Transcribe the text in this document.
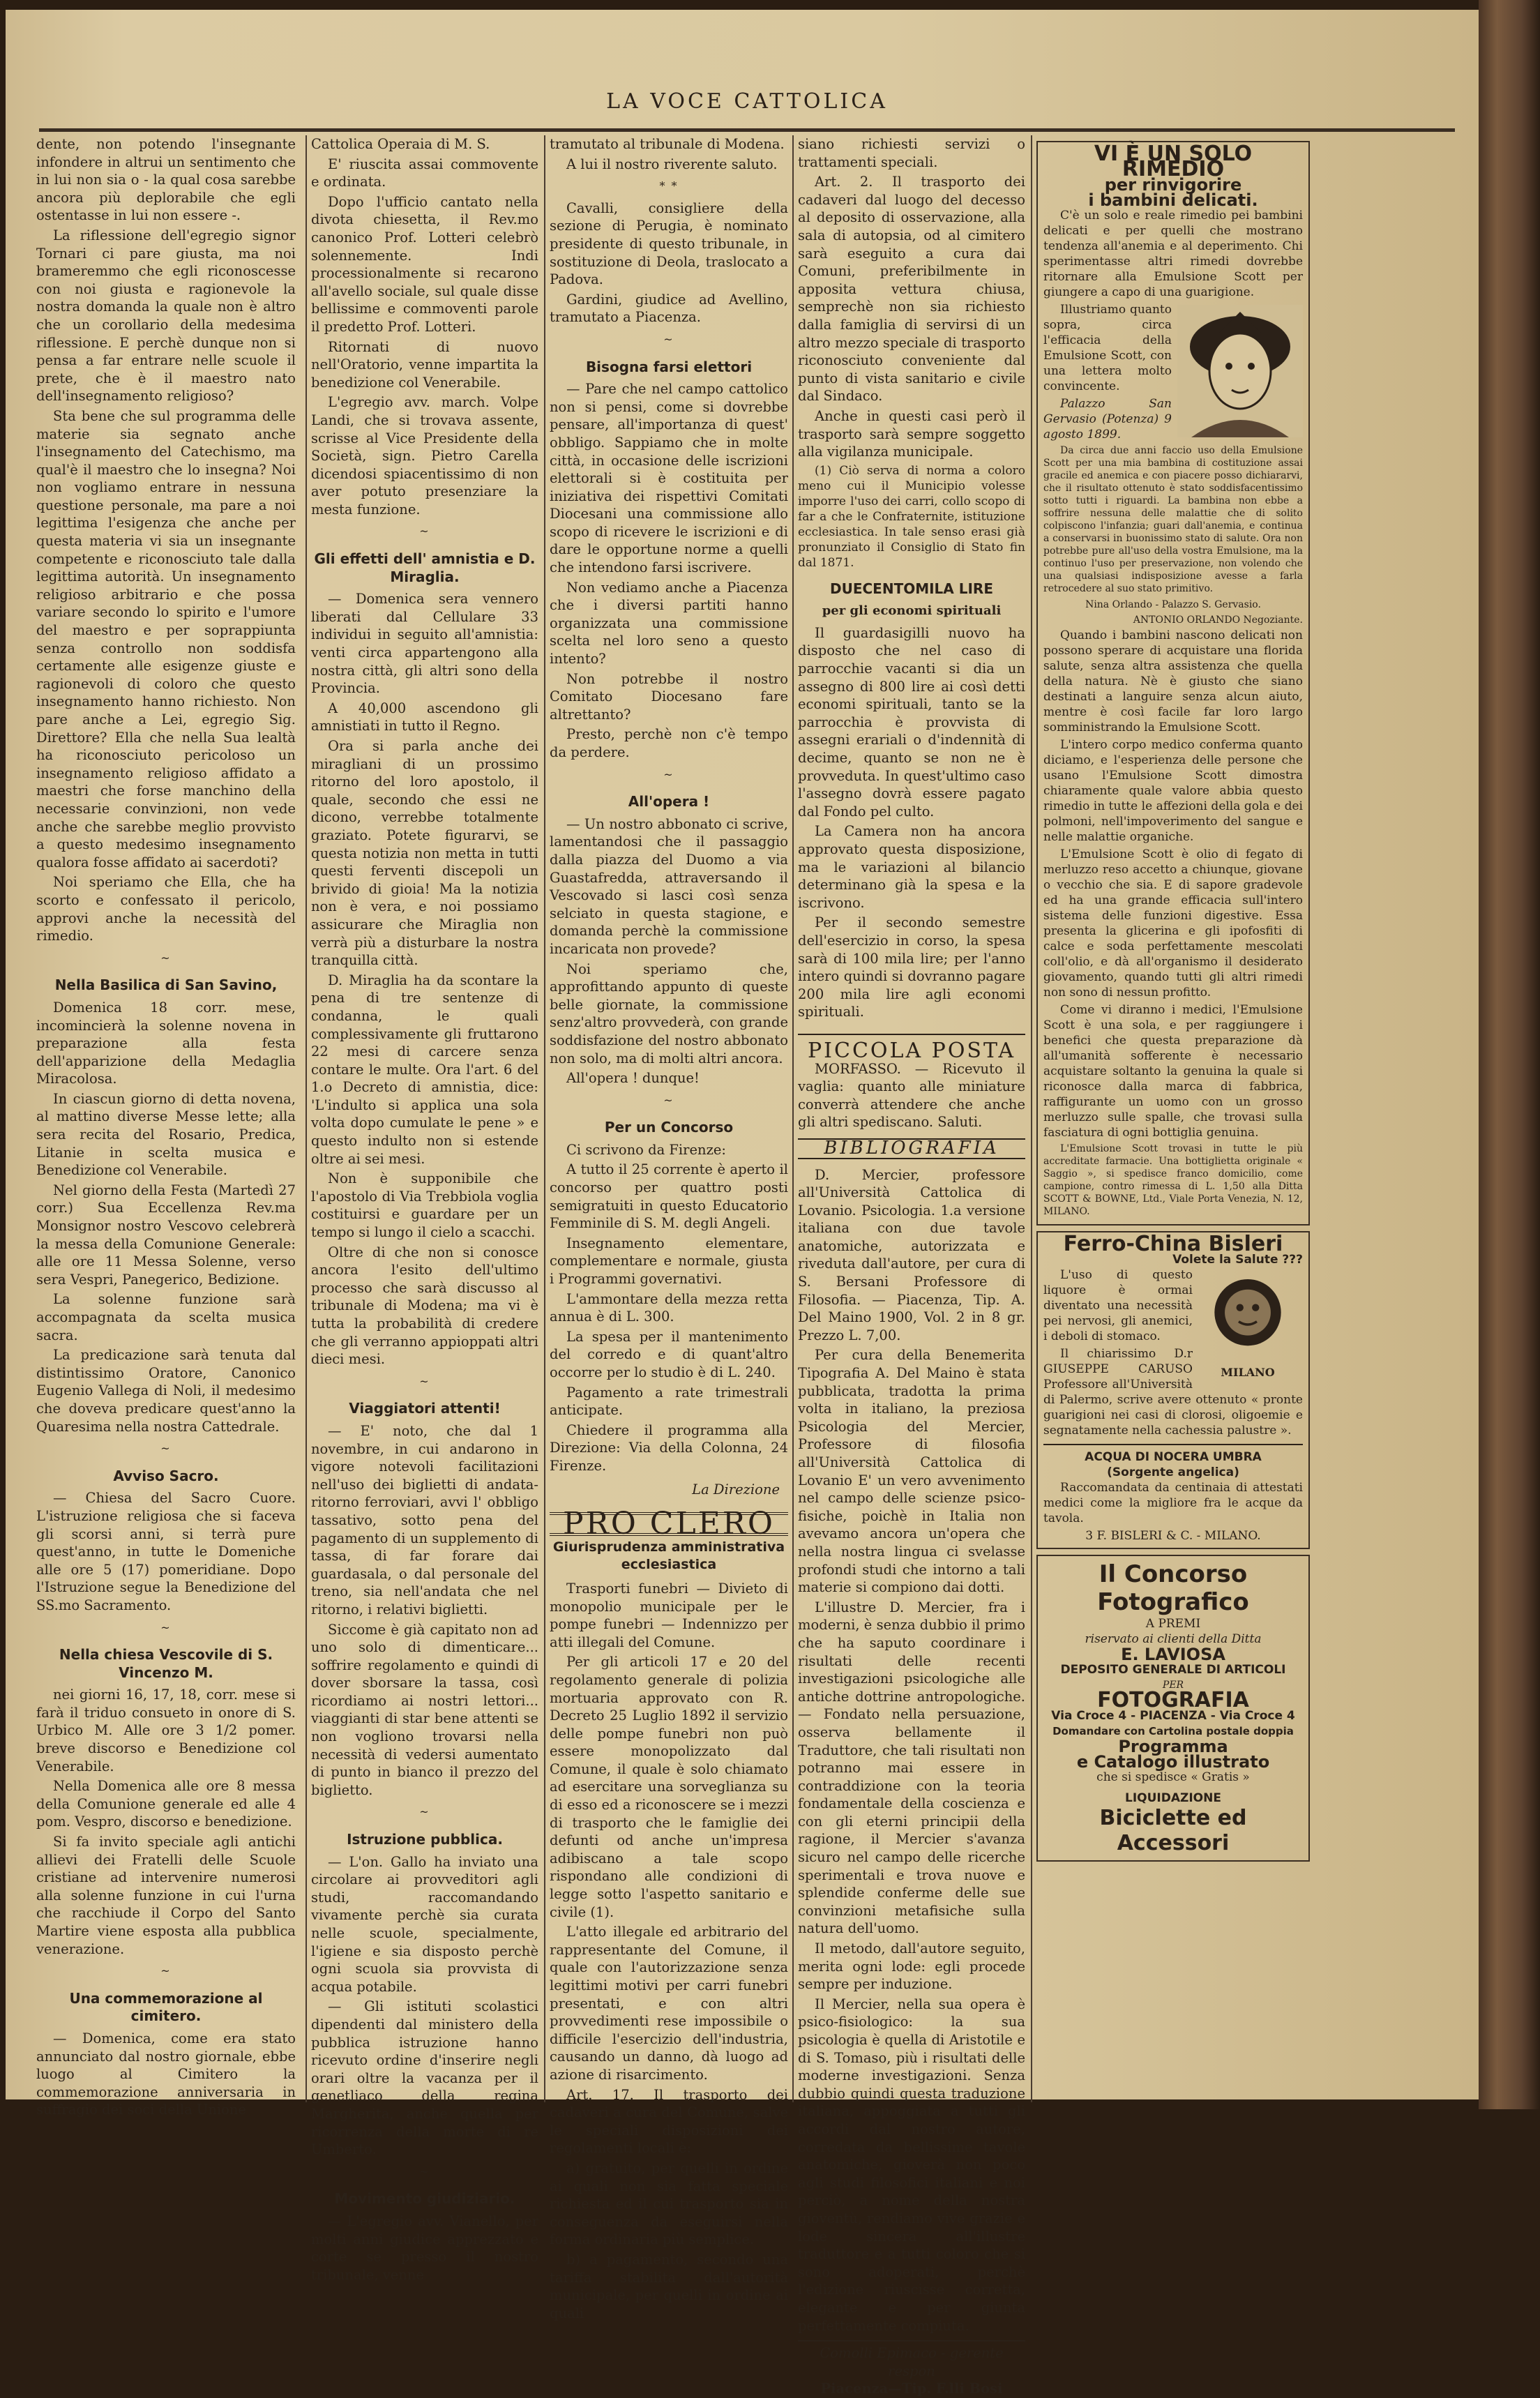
LA VOCE CATTOLICA

dente, non potendo l'insegnante infondere in altrui un sentimento che in lui non sia o - la qual cosa sarebbe ancora più deplorabile che egli ostentasse in lui non essere -.

La riflessione dell'egregio signor Tornari ci pare giusta, ma noi brameremmo che egli riconoscesse con noi giusta e ragionevole la nostra domanda la quale non è altro che un corollario della medesima riflessione. E perchè dunque non si pensa a far entrare nelle scuole il prete, che è il maestro nato dell'insegnamento religioso?

Sta bene che sul programma delle materie sia segnato anche l'insegnamento del Catechismo, ma qual'è il maestro che lo insegna? Noi non vogliamo entrare in nessuna questione personale, ma pare a noi legittima l'esigenza che anche per questa materia vi sia un insegnante competente e riconosciuto tale dalla legittima autorità. Un insegnamento religioso arbitrario e che possa variare secondo lo spirito e l'umore del maestro e per soprappiunta senza controllo non soddisfa certamente alle esigenze giuste e ragionevoli di coloro che questo insegnamento hanno richiesto. Non pare anche a Lei, egregio Sig. Direttore? Ella che nella Sua lealtà ha riconosciuto pericoloso un insegnamento religioso affidato a maestri che forse manchino della necessarie convinzioni, non vede anche che sarebbe meglio provvisto a questo medesimo insegnamento qualora fosse affidato ai sacerdoti?

Noi speriamo che Ella, che ha scorto e confessato il pericolo, approvi anche la necessità del rimedio.

~
Nella Basilica di San Savino,

Domenica 18 corr. mese, incomincierà la solenne novena in preparazione alla festa dell'apparizione della Medaglia Miracolosa.

In ciascun giorno di detta novena, al mattino diverse Messe lette; alla sera recita del Rosario, Predica, Litanie in scelta musica e Benedizione col Venerabile.

Nel giorno della Festa (Martedì 27 corr.) Sua Eccellenza Rev.ma Monsignor nostro Vescovo celebrerà la messa della Comunione Generale: alle ore 11 Messa Solenne, verso sera Vespri, Panegerico, Bedizione.

La solenne funzione sarà accompagnata da scelta musica sacra.

La predicazione sarà tenuta dal distintissimo Oratore, Canonico Eugenio Vallega di Noli, il medesimo che doveva predicare quest'anno la Quaresima nella nostra Cattedrale.

~
Avviso Sacro.

— Chiesa del Sacro Cuore. L'istruzione religiosa che si faceva gli scorsi anni, si terrà pure quest'anno, in tutte le Domeniche alle ore 5 (17) pomeridiane. Dopo l'Istruzione segue la Benedizione del SS.mo Sacramento.

~
Nella chiesa Vescovile di S. Vincenzo M.

nei giorni 16, 17, 18, corr. mese si farà il triduo consueto in onore di S. Urbico M. Alle ore 3 1/2 pomer. breve discorso e Benedizione col Venerabile.

Nella Domenica alle ore 8 messa della Comunione generale ed alle 4 pom. Vespro, discorso e benedizione.

Si fa invito speciale agli antichi allievi dei Fratelli delle Scuole cristiane ad intervenire numerosi alla solenne funzione in cui l'urna che racchiude il Corpo del Santo Martire viene esposta alla pubblica venerazione.

~
Una commemorazione al cimitero.

— Domenica, come era stato annunciato dal nostro giornale, ebbe luogo al Cimitero la commemorazione anniversaria in suffragio dei soci della Unione

Cattolica Operaia di M. S.

E' riuscita assai commovente e ordinata.

Dopo l'ufficio cantato nella divota chiesetta, il Rev.mo canonico Prof. Lotteri celebrò solennemente. Indi processionalmente si recarono all'avello sociale, sul quale disse bellissime e commoventi parole il predetto Prof. Lotteri.

Ritornati di nuovo nell'Oratorio, venne impartita la benedizione col Venerabile.

L'egregio avv. march. Volpe Landi, che si trovava assente, scrisse al Vice Presidente della Società, sign. Pietro Carella dicendosi spiacentissimo di non aver potuto presenziare la mesta funzione.

~
Gli effetti dell' amnistia e D. Miraglia.

— Domenica sera vennero liberati dal Cellulare 33 individui in seguito all'amnistia: venti circa appartengono alla nostra città, gli altri sono della Provincia.

A 40,000 ascendono gli amnistiati in tutto il Regno.

Ora si parla anche dei miragliani di un prossimo ritorno del loro apostolo, il quale, secondo che essi ne dicono, verrebbe totalmente graziato. Potete figurarvi, se questa notizia non metta in tutti questi ferventi discepoli un brivido di gioia! Ma la notizia non è vera, e noi possiamo assicurare che Miraglia non verrà più a disturbare la nostra tranquilla città.

D. Miraglia ha da scontare la pena di tre sentenze di condanna, le quali complessivamente gli fruttarono 22 mesi di carcere senza contare le multe. Ora l'art. 6 del 1.o Decreto di amnistia, dice: 'L'indulto si applica una sola volta dopo cumulate le pene » e questo indulto non si estende oltre ai sei mesi.

Non è supponibile che l'apostolo di Via Trebbiola voglia costituirsi e guardare per un tempo si lungo il cielo a scacchi.

Oltre di che non si conosce ancora l'esito dell'ultimo processo che sarà discusso al tribunale di Modena; ma vi è tutta la probabilità di credere che gli verranno appioppati altri dieci mesi.

~
Viaggiatori attenti!

— E' noto, che dal 1 novembre, in cui andarono in vigore notevoli facilitazioni nell'uso dei biglietti di andata-ritorno ferroviari, avvi l' obbligo tassativo, sotto pena del pagamento di un supplemento di tassa, di far forare dai guardasala, o dal personale del treno, sia nell'andata che nel ritorno, i relativi biglietti.

Siccome è già capitato non ad uno solo di dimenticare... soffrire regolamento e quindi di dover sborsare la tassa, così ricordiamo ai nostri lettori... viaggianti di star bene attenti se non vogliono trovarsi nella necessità di vedersi aumentato di punto in bianco il prezzo del biglietto.

~
Istruzione pubblica.

— L'on. Gallo ha inviato una circolare ai provveditori agli studi, raccomandando vivamente perchè sia curata nelle scuole, specialmente, l'igiene e sia disposto perchè ogni scuola sia provvista di acqua potabile.

— Gli istituti scolastici dipendenti dal ministero della pubblica istruzione hanno ricevuto ordine d'inserire negli orari oltre la vacanza per il genetliaco della regina Margherita, anche quella per ricorrenza della morte di re Umberto.

~
Movimento giudiziario.

— L'egregio avv. Vianello, per molti anni giudice apprezzato e corte se presso il nostro tribunale, venne

tramutato al tribunale di Modena.

A lui il nostro riverente saluto.

* *

Cavalli, consigliere della sezione di Perugia, è nominato presidente di questo tribunale, in sostituzione di Deola, traslocato a Padova.

Gardini, giudice ad Avellino, tramutato a Piacenza.

~
Bisogna farsi elettori

— Pare che nel campo cattolico non si pensi, come si dovrebbe pensare, all'importanza di quest' obbligo. Sappiamo che in molte città, in occasione delle iscrizioni elettorali si è costituita per iniziativa dei rispettivi Comitati Diocesani una commissione allo scopo di ricevere le iscrizioni e di dare le opportune norme a quelli che intendono farsi iscrivere.

Non vediamo anche a Piacenza che i diversi partiti hanno organizzata una commissione scelta nel loro seno a questo intento?

Non potrebbe il nostro Comitato Diocesano fare altrettanto?

Presto, perchè non c'è tempo da perdere.

~
All'opera !

— Un nostro abbonato ci scrive, lamentandosi che il passaggio dalla piazza del Duomo a via Guastafredda, attraversando il Vescovado si lasci così senza selciato in questa stagione, e domanda perchè la commissione incaricata non provede?

Noi speriamo che, approfittando appunto di queste belle giornate, la commissione senz'altro provvederà, con grande soddisfazione del nostro abbonato non solo, ma di molti altri ancora.

All'opera ! dunque!

~
Per un Concorso

Ci scrivono da Firenze:

A tutto il 25 corrente è aperto il concorso per quattro posti semigratuiti in questo Educatorio Femminile di S. M. degli Angeli.

Insegnamento elementare, complementare e normale, giusta i Programmi governativi.

L'ammontare della mezza retta annua è di L. 300.

La spesa per il mantenimento del corredo e di quant'altro occorre per lo studio è di L. 240.

Pagamento a rate trimestrali anticipate.

Chiedere il programma alla Direzione: Via della Colonna, 24 Firenze.

La Direzione
PRO CLERO
Giurisprudenza amministrativa ecclesiastica

Trasporti funebri — Divieto di monopolio municipale per le pompe funebri — Indennizzo per atti illegali del Comune.

Per gli articoli 17 e 20 del regolamento generale di polizia mortuaria approvato con R. Decreto 25 Luglio 1892 il servizio delle pompe funebri non può essere monopolizzato dal Comune, il quale è solo chiamato ad esercitare una sorveglianza su di esso ed a riconoscere se i mezzi di trasporto che le famiglie dei defunti od anche un'impresa adibiscano a tale scopo rispondano alle condizioni di legge sotto l'aspetto sanitario e civile (1).

L'atto illegale ed arbitrario del rappresentante del Comune, il quale con l'autorizzazione senza legittimi motivi per carri funebri presentati, e con altri provvedimenti rese impossibile o difficile l'esercizio dell'industria, causando un danno, dà luogo ad azione di risarcimento.

Art. 17. Il trasporto dei cadaveri a cura del Comune, salve le speciali disposizioni dei regolamenti locali è:

a) gratuito, per quelli in ordine ai quali non sia fatta speciale richiesta ed il cui trasporto sia in conseguenza da eseguirsi nella forma ordinaria più semplice.

b) a pagamento, secondo una tariffa stabilita dall'autorità municipale, per quelli in ordine ai quali

siano richiesti servizi o trattamenti speciali.

Art. 2. Il trasporto dei cadaveri dal luogo del decesso al deposito di osservazione, alla sala di autopsia, od al cimitero sarà eseguito a cura dai Comuni, preferibilmente in apposita vettura chiusa, semprechè non sia richiesto dalla famiglia di servirsi di un altro mezzo speciale di trasporto riconosciuto conveniente dal punto di vista sanitario e civile dal Sindaco.

Anche in questi casi però il trasporto sarà sempre soggetto alla vigilanza municipale.

(1) Ciò serva di norma a coloro meno cui il Municipio volesse imporre l'uso dei carri, collo scopo di far a che le Confraternite, istituzione ecclesiastica. In tale senso erasi già pronunziato il Consiglio di Stato fin dal 1871.

DUECENTOMILA LIRE
per gli economi spirituali

Il guardasigilli nuovo ha disposto che nel caso di parrocchie vacanti si dia un assegno di 800 lire ai così detti economi spirituali, tanto se la parrocchia è provvista di assegni erariali o d'indennità di decime, quanto se non ne è provveduta. In quest'ultimo caso l'assegno dovrà essere pagato dal Fondo pel culto.

La Camera non ha ancora approvato questa disposizione, ma le variazioni al bilancio determinano già la spesa e la iscrivono.

Per il secondo semestre dell'esercizio in corso, la spesa sarà di 100 mila lire; per l'anno intero quindi si dovranno pagare 200 mila lire agli economi spirituali.

PICCOLA POSTA

MORFASSO. — Ricevuto il vaglia: quanto alle miniature converrà attendere che anche gli altri spediscano. Saluti.

BIBLIOGRAFIA

D. Mercier, professore all'Università Cattolica di Lovanio. Psicologia. 1.a versione italiana con due tavole anatomiche, autorizzata e riveduta dall'autore, per cura di S. Bersani Professore di Filosofia. — Piacenza, Tip. A. Del Maino 1900, Vol. 2 in 8 gr. Prezzo L. 7,00.

Per cura della Benemerita Tipografia A. Del Maino è stata pubblicata, tradotta la prima volta in italiano, la preziosa Psicologia del Mercier, Professore di filosofia all'Università Cattolica di Lovanio E' un vero avvenimento nel campo delle scienze psico-fisiche, poichè in Italia non avevamo ancora un'opera che nella nostra lingua ci svelasse profondi studi che intorno a tali materie si compiono dai dotti.

L'illustre D. Mercier, fra i moderni, è senza dubbio il primo che ha saputo coordinare i risultati delle recenti investigazioni psicologiche alle antiche dottrine antropologiche. — Fondato nella persuazione, osserva bellamente il Traduttore, che tali risultati non potranno mai essere in contraddizione con la teoria fondamentale della coscienza e con gli eterni principii della ragione, il Mercier s'avanza sicuro nel campo delle ricerche sperimentali e trova nuove e splendide conferme delle sue convinzioni metafisiche sulla natura dell'uomo.

Il metodo, dall'autore seguito, merita ogni lode: egli procede sempre per induzione.

Il Mercier, nella sua opera è psico-fisiologico: la sua psicologia è quella di Aristotile e di S. Tomaso, più i risultati delle moderne investigazioni. Senza dubbio quindi questa traduzione italiana, appoggiata a tutti gli accordi dal nostro autore, corredata da bellissime tavole anatomiche, gioverà non poco agli studi filosofici italiani e noi perciò, a nome della nostra gioventù, rendiamo vive grazie e lode sincera all'illustre traduttore e a tutti coloro che si sono adoperati, perchè l'edizione riuscisse corretta, elegante e per giunta perfettamente compiuta.

Comolli Epimaco - gerente respon
Piacenza—Tip. F.lli Bosi
VI È UN SOLO RIMEDIO
per rinvigorire
i bambini delicati.

C'è un solo e reale rimedio pei bambini delicati e per quelli che mostrano tendenza all'anemia e al deperimento. Chi sperimentasse altri rimedi dovrebbe ritornare alla Emulsione Scott per giungere a capo di una guarigione.

Illustriamo quanto sopra, circa l'efficacia della Emulsione Scott, con una lettera molto convincente.

Palazzo San Gervasio (Potenza) 9 agosto 1899.

Da circa due anni faccio uso della Emulsione Scott per una mia bambina di costituzione assai gracile ed anemica e con piacere posso dichiararvi, che il risultato ottenuto è stato soddisfacentissimo sotto tutti i riguardi. La bambina non ebbe a soffrire nessuna delle malattie che di solito colpiscono l'infanzia; guari dall'anemia, e continua a conservarsi in buonissimo stato di salute. Ora non potrebbe pure all'uso della vostra Emulsione, ma la continuo l'uso per preservazione, non volendo che una qualsiasi indisposizione avesse a farla retrocedere al suo stato primitivo.

Nina Orlando - Palazzo S. Gervasio.
ANTONIO ORLANDO Negoziante.

Quando i bambini nascono delicati non possono sperare di acquistare una florida salute, senza altra assistenza che quella della natura. Nè è giusto che siano destinati a languire senza alcun aiuto, mentre è così facile far loro largo somministrando la Emulsione Scott.

L'intero corpo medico conferma quanto diciamo, e l'esperienza delle persone che usano l'Emulsione Scott dimostra chiaramente quale valore abbia questo rimedio in tutte le affezioni della gola e dei polmoni, nell'impoverimento del sangue e nelle malattie organiche.

L'Emulsione Scott è olio di fegato di merluzzo reso accetto a chiunque, giovane o vecchio che sia. E di sapore gradevole ed ha una grande efficacia sull'intero sistema delle funzioni digestive. Essa presenta la glicerina e gli ipofosfiti di calce e soda perfettamente mescolati coll'olio, e dà all'organismo il desiderato giovamento, quando tutti gli altri rimedi non sono di nessun profitto.

Come vi diranno i medici, l'Emulsione Scott è una sola, e per raggiungere i benefici che questa preparazione dà all'umanità sofferente è necessario acquistare soltanto la genuina la quale si riconosce dalla marca di fabbrica, raffigurante un uomo con un grosso merluzzo sulle spalle, che trovasi sulla fasciatura di ogni bottiglia genuina.

L'Emulsione Scott trovasi in tutte le più accreditate farmacie. Una bottiglietta originale « Saggio », si spedisce franco domicilio, come campione, contro rimessa di L. 1,50 alla Ditta SCOTT & BOWNE, Ltd., Viale Porta Venezia, N. 12, MILANO.

Ferro-China Bisleri
Volete la Salute ???
MILANO

L'uso di questo liquore è ormai diventato una necessità pei nervosi, gli anemici, i deboli di stomaco.

Il chiarissimo D.r GIUSEPPE CARUSO Professore all'Università di Palermo, scrive avere ottenuto « pronte guarigioni nei casi di clorosi, oligoemie e segnatamente nella cachessia palustre ».

ACQUA DI NOCERA UMBRA
(Sorgente angelica)

Raccomandata da centinaia di attestati medici come la migliore fra le acque da tavola.

3 F. BISLERI & C. - MILANO.
Il Concorso Fotografico
A PREMI
riservato ai clienti della Ditta
E. LAVIOSA
DEPOSITO GENERALE DI ARTICOLI
PER
FOTOGRAFIA
Via Croce 4 - PIACENZA - Via Croce 4
Domandare con Cartolina postale doppia
Programma
e Catalogo illustrato
che si spedisce « Gratis »
LIQUIDAZIONE
Biciclette ed Accessori
